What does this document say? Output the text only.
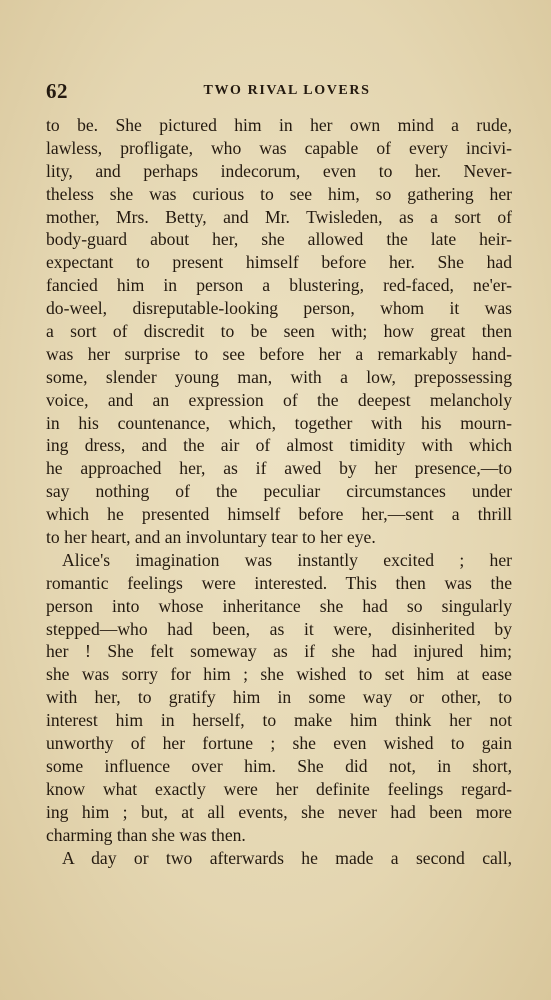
62	TWO RIVAL LOVERS
to be. She pictured him in her own mind a rude,
lawless, profligate, who was capable of every incivi-
lity, and perhaps indecorum, even to her. Never-
theless she was curious to see him, so gathering her
mother, Mrs. Betty, and Mr. Twisleden, as a sort of
body-guard about her, she allowed the late heir-
expectant to present himself before her. She had
fancied him in person a blustering, red-faced, ne'er-
do-weel, disreputable-looking person, whom it was
a sort of discredit to be seen with; how great then
was her surprise to see before her a remarkably hand-
some, slender young man, with a low, prepossessing
voice, and an expression of the deepest melancholy
in his countenance, which, together with his mourn-
ing dress, and the air of almost timidity with which
he approached her, as if awed by her presence,—to
say nothing of the peculiar circumstances under
which he presented himself before her,—sent a thrill
to her heart, and an involuntary tear to her eye.
Alice's imagination was instantly excited ; her
romantic feelings were interested. This then was the
person into whose inheritance she had so singularly
stepped—who had been, as it were, disinherited by
her ! She felt someway as if she had injured him;
she was sorry for him ; she wished to set him at ease
with her, to gratify him in some way or other, to
interest him in herself, to make him think her not
unworthy of her fortune ; she even wished to gain
some influence over him. She did not, in short,
know what exactly were her definite feelings regard-
ing him ; but, at all events, she never had been more
charming than she was then.
A day or two afterwards he made a second call,
